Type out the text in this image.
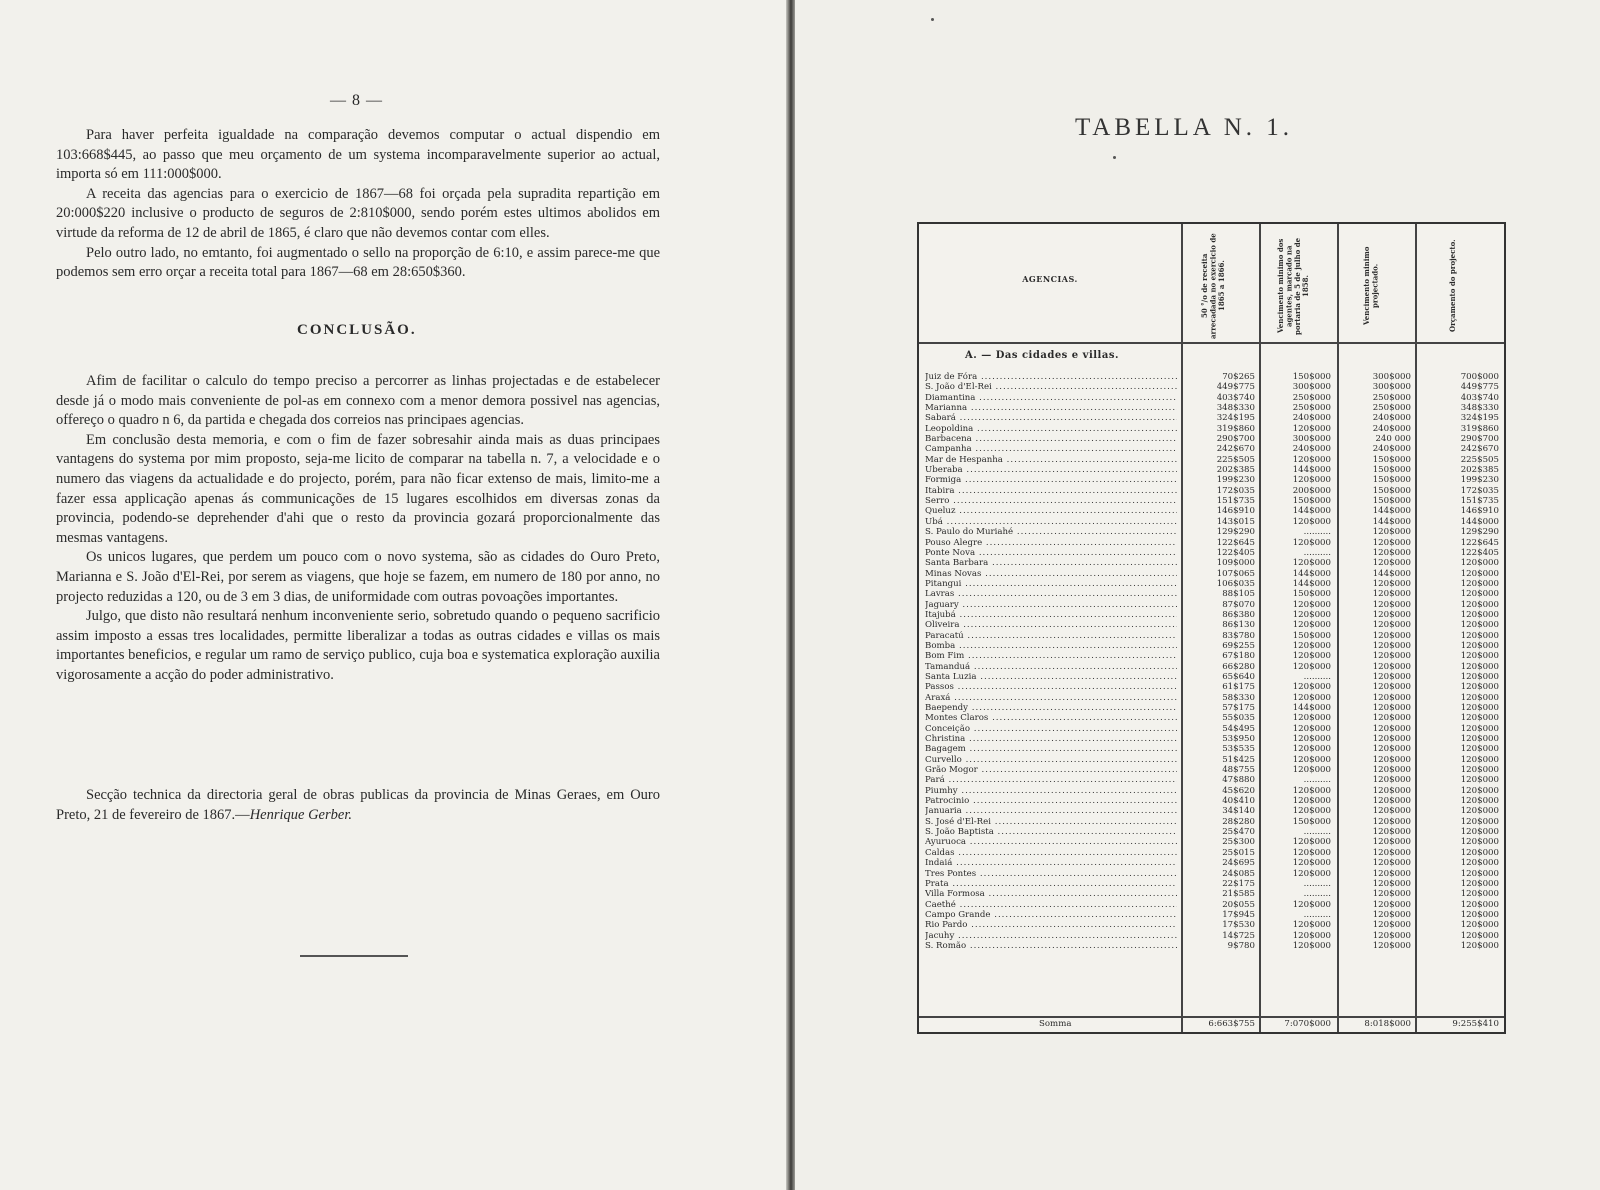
— 8 —

Para haver perfeita igualdade na comparação devemos computar o actual dispendio em 103:668$445, ao passo que meu orçamento de um systema incomparavelmente superior ao actual, importa só em 111:000$000.

A receita das agencias para o exercicio de 1867—68 foi orçada pela supradita repartição em 20:000$220 inclusive o producto de seguros de 2:810$000, sendo porém estes ultimos abolidos em virtude da reforma de 12 de abril de 1865, é claro que não devemos contar com elles.

Pelo outro lado, no emtanto, foi augmentado o sello na proporção de 6:10, e assim parece-me que podemos sem erro orçar a receita total para 1867—68 em 28:650$360.

CONCLUSÃO.

Afim de facilitar o calculo do tempo preciso a percorrer as linhas projectadas e de estabelecer desde já o modo mais conveniente de pol-as em connexo com a menor demora possivel nas agencias, offereço o quadro n 6, da partida e chegada dos correios nas principaes agencias.

Em conclusão desta memoria, e com o fim de fazer sobresahir ainda mais as duas principaes vantagens do systema por mim proposto, seja-me licito de comparar na tabella n. 7, a velocidade e o numero das viagens da actualidade e do projecto, porém, para não ficar extenso de mais, limito-me a fazer essa applicação apenas ás communicações de 15 lugares escolhidos em diversas zonas da provincia, podendo-se deprehender d'ahi que o resto da provincia gozará proporcionalmente das mesmas vantagens.

Os unicos lugares, que perdem um pouco com o novo systema, são as cidades do Ouro Preto, Marianna e S. João d'El-Rei, por serem as viagens, que hoje se fazem, em numero de 180 por anno, no projecto reduzidas a 120, ou de 3 em 3 dias, de uniformidade com outras povoações importantes.

Julgo, que disto não resultará nenhum inconveniente serio, sobretudo quando o pequeno sacrificio assim imposto a essas tres localidades, permitte liberalizar a todas as outras cidades e villas os mais importantes beneficios, e regular um ramo de serviço publico, cuja boa e systematica exploração auxilia vigorosamente a acção do poder administrativo.

Secção technica da directoria geral de obras publicas da provincia de Minas Geraes, em Ouro Preto, 21 de fevereiro de 1867.—Henrique Gerber.

TABELLA N. 1.
AGENCIAS.	50 °/o de receita arrecadada no exercicio de 1865 a 1866.	Vencimento minimo dos agentes, marcado na portaria de 5 de julho de 1858.	Vencimento minimo projectado.	Orçamento do projecto.
A. — Das cidades e villas.
Juiz de Fóra .....	70$265	150$000	300$000	700$000
S. João d'El-Rei .....	449$775	300$000	300$000	449$775
Diamantina .....	403$740	250$000	250$000	403$740
Marianna .....	348$330	250$000	250$000	348$330
Sabará .....	324$195	240$000	240$000	324$195
Leopoldina .....	319$860	120$000	240$000	319$860
Barbacena .....	290$700	300$000	240 000	290$700
Campanha .....	242$670	240$000	240$000	242$670
Mar de Hespanha .....	225$505	120$000	150$000	225$505
Uberaba .....	202$385	144$000	150$000	202$385
Formiga .....	199$230	120$000	150$000	199$230
Itabira .....	172$035	200$000	150$000	172$035
Serro .....	151$735	150$000	150$000	151$735
Queluz .....	146$910	144$000	144$000	146$910
Ubá .....	143$015	120$000	144$000	144$000
S. Paulo do Muriahé .....	129$290	..........	120$000	129$290
Pouso Alegre .....	122$645	120$000	120$000	122$645
Ponte Nova .....	122$405	..........	120$000	122$405
Santa Barbara .....	109$000	120$000	120$000	120$000
Minas Novas .....	107$065	144$000	144$000	120$000
Pitangui .....	106$035	144$000	120$000	120$000
Lavras .....	88$105	150$000	120$000	120$000
Jaguary .....	87$070	120$000	120$000	120$000
Itajubá .....	86$380	120$000	120$000	120$000
Oliveira .....	86$130	120$000	120$000	120$000
Paracatú .....	83$780	150$000	120$000	120$000
Bomba .....	69$255	120$000	120$000	120$000
Bom Fim .....	67$180	120$000	120$000	120$000
Tamanduá .....	66$280	120$000	120$000	120$000
Santa Luzia .....	65$640	..........	120$000	120$000
Passos .....	61$175	120$000	120$000	120$000
Araxá .....	58$330	120$000	120$000	120$000
Baependy .....	57$175	144$000	120$000	120$000
Montes Claros .....	55$035	120$000	120$000	120$000
Conceição .....	54$495	120$000	120$000	120$000
Christina .....	53$950	120$000	120$000	120$000
Bagagem .....	53$535	120$000	120$000	120$000
Curvello .....	51$425	120$000	120$000	120$000
Grão Mogor .....	48$755	120$000	120$000	120$000
Pará .....	47$880	..........	120$000	120$000
Piumhy .....	45$620	120$000	120$000	120$000
Patrocinio .....	40$410	120$000	120$000	120$000
Januaria .....	34$140	120$000	120$000	120$000
S. José d'El-Rei .....	28$280	150$000	120$000	120$000
S. João Baptista .....	25$470	..........	120$000	120$000
Ayuruoca .....	25$300	120$000	120$000	120$000
Caldas .....	25$015	120$000	120$000	120$000
Indaiá .....	24$695	120$000	120$000	120$000
Tres Pontes .....	24$085	120$000	120$000	120$000
Prata .....	22$175	..........	120$000	120$000
Villa Formosa .....	21$585	..........	120$000	120$000
Caethé .....	20$055	120$000	120$000	120$000
Campo Grande .....	17$945	..........	120$000	120$000
Rio Pardo .....	17$530	120$000	120$000	120$000
Jacuhy .....	14$725	120$000	120$000	120$000
S. Romão .....	9$780	120$000	120$000	120$000
Somma	6:663$755	7:070$000	8:018$000	9:255$410
